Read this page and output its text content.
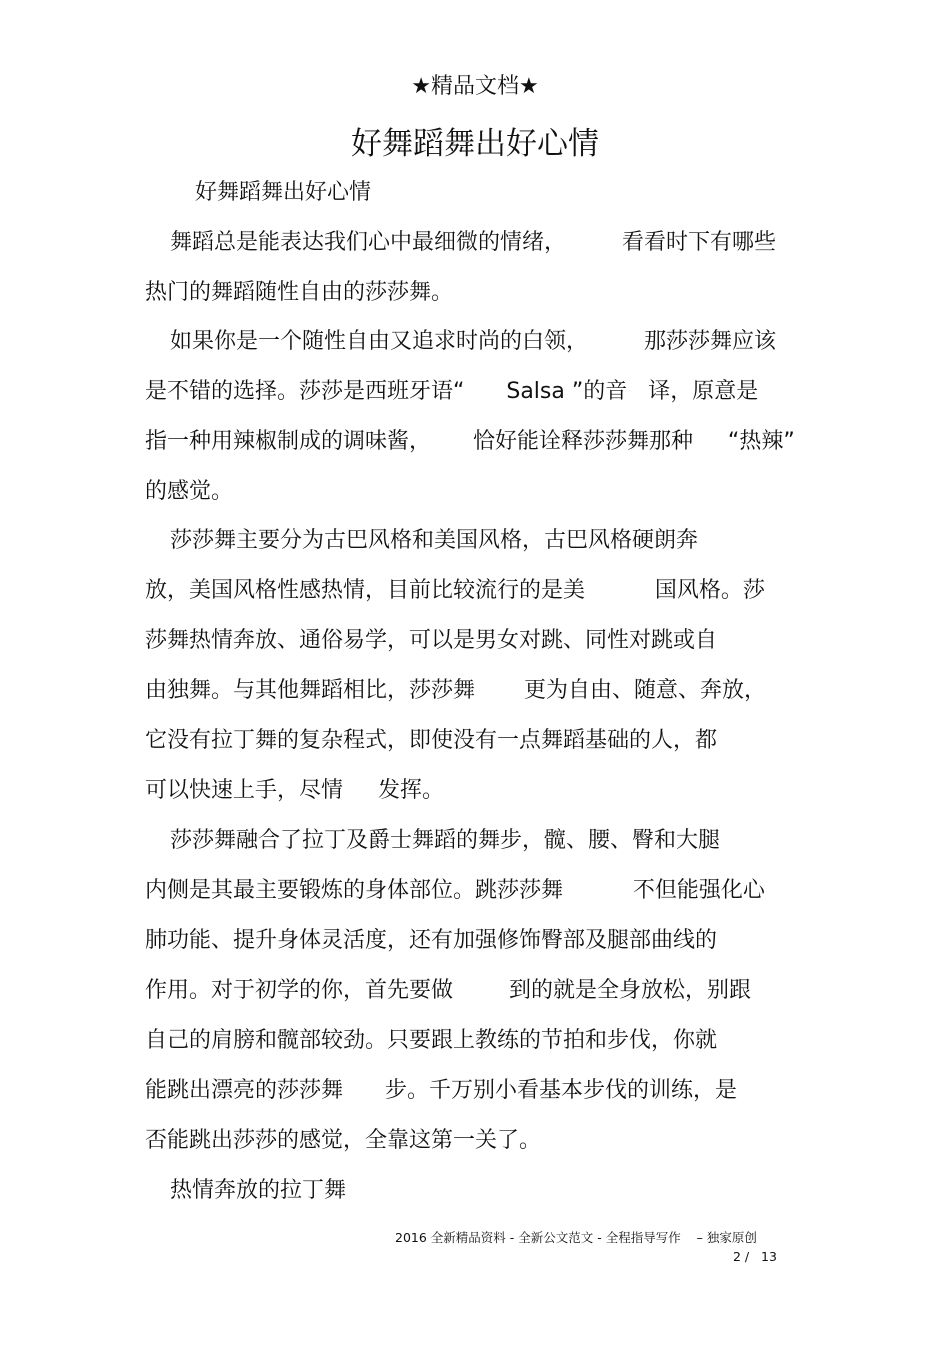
★精品文档★
好舞蹈舞出好心情
好舞蹈舞出好心情
舞蹈总是能表达我们心中最细微的情绪，        看看时下有哪些
热门的舞蹈随性自由的莎莎舞。
如果你是一个随性自由又追求时尚的白领，        那莎莎舞应该
是不错的选择。莎莎是西班牙语“      Salsa ”的音   译，原意是
指一种用辣椒制成的调味酱，      恰好能诠释莎莎舞那种     “热辣”
的感觉。
莎莎舞主要分为古巴风格和美国风格，古巴风格硬朗奔
放，美国风格性感热情，目前比较流行的是美          国风格。莎
莎舞热情奔放、通俗易学，可以是男女对跳、同性对跳或自
由独舞。与其他舞蹈相比，莎莎舞       更为自由、随意、奔放，
它没有拉丁舞的复杂程式，即使没有一点舞蹈基础的人，都
可以快速上手，尽情     发挥。
莎莎舞融合了拉丁及爵士舞蹈的舞步，髋、腰、臀和大腿
内侧是其最主要锻炼的身体部位。跳莎莎舞          不但能强化心
肺功能、提升身体灵活度，还有加强修饰臀部及腿部曲线的
作用。对于初学的你，首先要做        到的就是全身放松，别跟
自己的肩膀和髋部较劲。只要跟上教练的节拍和步伐，你就
能跳出漂亮的莎莎舞      步。千万别小看基本步伐的训练，是
否能跳出莎莎的感觉，全靠这第一关了。
热情奔放的拉丁舞
2016 全新精品资料 - 全新公文范文 - 全程指导写作    – 独家原创
2 /   13
